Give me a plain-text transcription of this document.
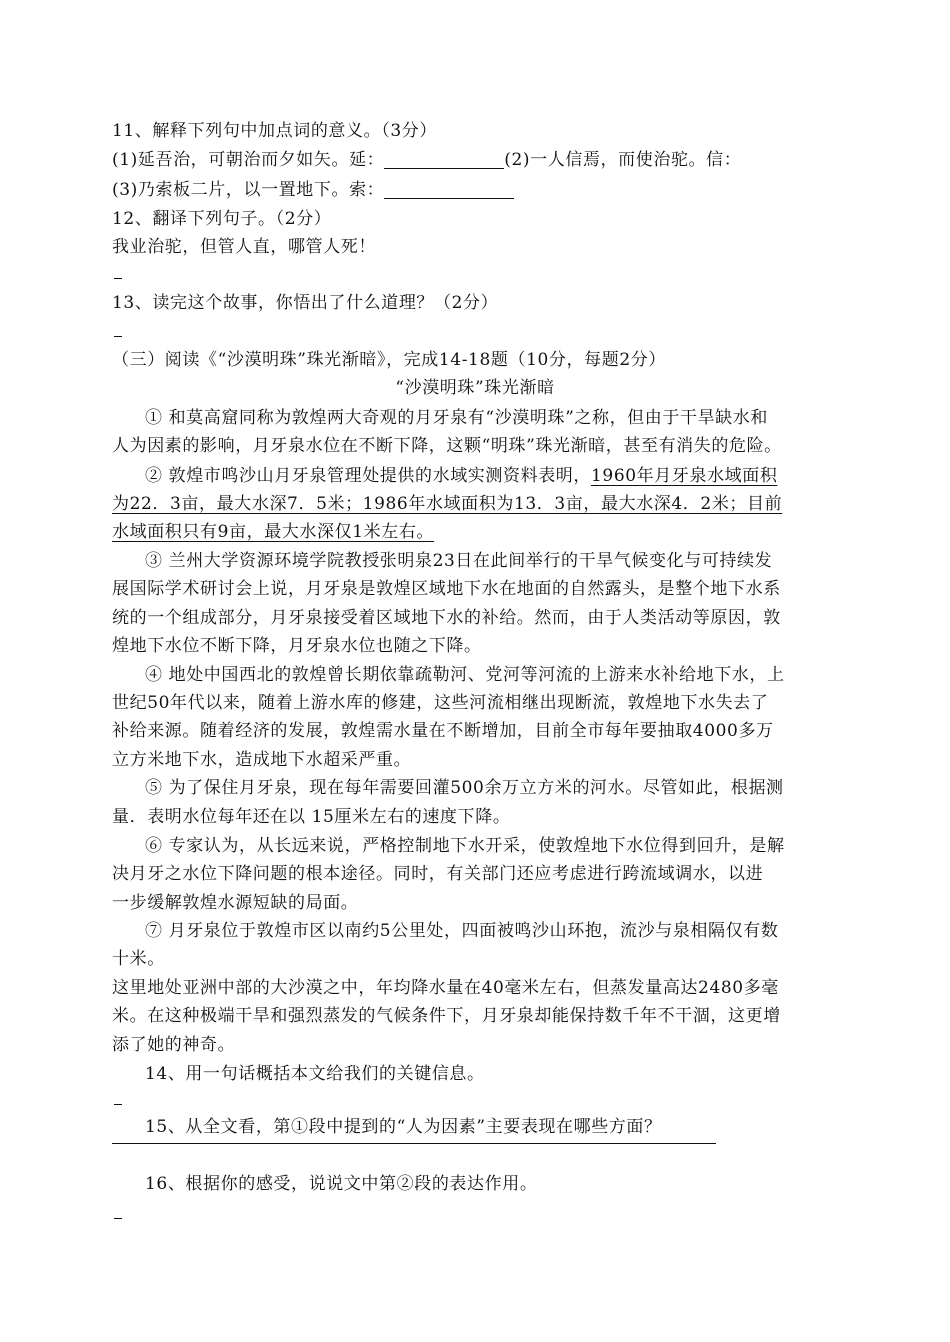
11、解释下列句中加点词的意义。（3分）
(1)延吾治，可朝治而夕如矢。延：	(2)一人信焉，而使治驼。信：
(3)乃索板二片，以一置地下。索：
12、翻译下列句子。（2分）
我业治驼，但管人直，哪管人死！
13、读完这个故事，你悟出了什么道理？（2分）
（三）阅读《“沙漠明珠”珠光渐暗》，完成14-18题（10分，每题2分）
“沙漠明珠”珠光渐暗
① 和莫高窟同称为敦煌两大奇观的月牙泉有“沙漠明珠”之称，但由于干旱缺水和
人为因素的影响，月牙泉水位在不断下降，这颗“明珠”珠光渐暗，甚至有消失的危险。
② 敦煌市鸣沙山月牙泉管理处提供的水域实测资料表明，1960年月牙泉水域面积
为22．3亩，最大水深7．5米；1986年水域面积为13．3亩，最大水深4．2米；目前
水域面积只有9亩，最大水深仅1米左右。
③ 兰州大学资源环境学院教授张明泉23日在此间举行的干旱气候变化与可持续发
展国际学术研讨会上说，月牙泉是敦煌区域地下水在地面的自然露头，是整个地下水系
统的一个组成部分，月牙泉接受着区域地下水的补给。然而，由于人类活动等原因，敦
煌地下水位不断下降，月牙泉水位也随之下降。
④ 地处中国西北的敦煌曾长期依靠疏勒河、党河等河流的上游来水补给地下水，上
世纪50年代以来，随着上游水库的修建，这些河流相继出现断流，敦煌地下水失去了
补给来源。随着经济的发展，敦煌需水量在不断增加，目前全市每年要抽取4000多万
立方米地下水，造成地下水超采严重。
⑤ 为了保住月牙泉，现在每年需要回灌500余万立方米的河水。尽管如此，根据测
量．表明水位每年还在以 15厘米左右的速度下降。
⑥ 专家认为，从长远来说，严格控制地下水开采，使敦煌地下水位得到回升，是解
决月牙之水位下降问题的根本途径。同时，有关部门还应考虑进行跨流域调水，以进
一步缓解敦煌水源短缺的局面。
⑦ 月牙泉位于敦煌市区以南约5公里处，四面被鸣沙山环抱，流沙与泉相隔仅有数
十米。
这里地处亚洲中部的大沙漠之中，年均降水量在40毫米左右，但蒸发量高达2480多毫
米。在这种极端干旱和强烈蒸发的气候条件下，月牙泉却能保持数千年不干涸，这更增
添了她的神奇。
14、用一句话概括本文给我们的关键信息。
15、从全文看，第①段中提到的“人为因素”主要表现在哪些方面？
16、根据你的感受，说说文中第②段的表达作用。
